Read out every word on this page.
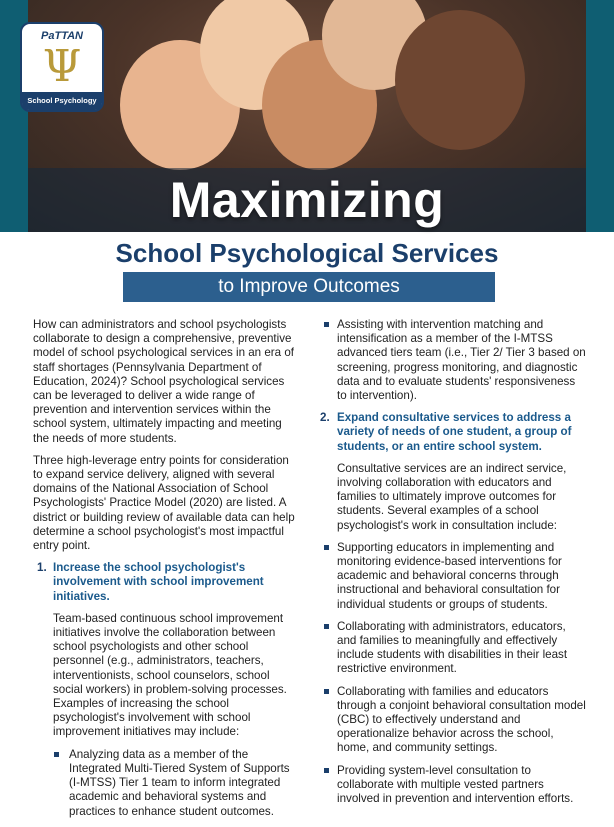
PaTTAN
Ψ
School Psychology
Maximizing
School Psychological Services
to Improve Outcomes

How can administrators and school psychologists collaborate to design a comprehensive, preventive model of school psychological services in an era of staff shortages (Pennsylvania Department of Education, 2024)? School psychological services can be leveraged to deliver a wide range of prevention and intervention services within the school system, ultimately impacting and meeting the needs of more students.

Three high-leverage entry points for consideration to expand service delivery, aligned with several domains of the National Association of School Psychologists' Practice Model (2020) are listed. A district or building review of available data can help determine a school psychologist's most impactful entry point.

1. Increase the school psychologist's involvement with school improvement initiatives.

Team-based continuous school improvement initiatives involve the collaboration between school psychologists and other school personnel (e.g., administrators, teachers, interventionists, school counselors, school social workers) in problem-solving processes. Examples of increasing the school psychologist's involvement with school improvement initiatives may include:

Analyzing data as a member of the Integrated Multi-Tiered System of Supports (I-MTSS) Tier 1 team to inform integrated academic and behavioral systems and practices to enhance student outcomes.
Assisting with intervention matching and intensification as a member of the I-MTSS advanced tiers team (i.e., Tier 2/ Tier 3 based on screening, progress monitoring, and diagnostic data and to evaluate students' responsiveness to intervention).
2. Expand consultative services to address a variety of needs of one student, a group of students, or an entire school system.

Consultative services are an indirect service, involving collaboration with educators and families to ultimately improve outcomes for students. Several examples of a school psychologist's work in consultation include:

Supporting educators in implementing and monitoring evidence-based interventions for academic and behavioral concerns through instructional and behavioral consultation for individual students or groups of students.
Collaborating with administrators, educators, and families to meaningfully and effectively include students with disabilities in their least restrictive environment.
Collaborating with families and educators through a conjoint behavioral consultation model (CBC) to effectively understand and operationalize behavior across the school, home, and community settings.
Providing system-level consultation to collaborate with multiple vested partners involved in prevention and intervention efforts.
